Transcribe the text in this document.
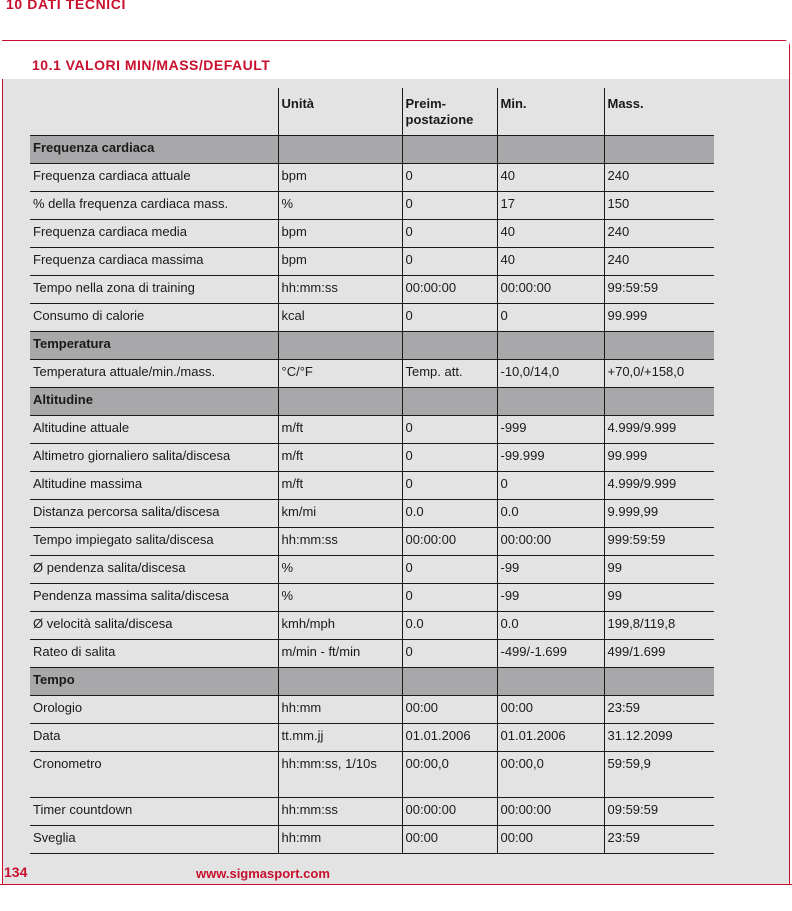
10 DATI TECNICI
10.1 VALORI MIN/MASS/DEFAULT
	Unità	Preim-postazione	Min.	Mass.
Frequenza cardiaca				
Frequenza cardiaca attuale	bpm	0	40	240
% della frequenza cardiaca mass.	%	0	17	150
Frequenza cardiaca media	bpm	0	40	240
Frequenza cardiaca massima	bpm	0	40	240
Tempo nella zona di training	hh:mm:ss	00:00:00	00:00:00	99:59:59
Consumo di calorie	kcal	0	0	99.999
Temperatura				
Temperatura attuale/min./mass.	°C/°F	Temp. att.	-10,0/14,0	+70,0/+158,0
Altitudine				
Altitudine attuale	m/ft	0	-999	4.999/9.999
Altimetro giornaliero salita/discesa	m/ft	0	-99.999	99.999
Altitudine massima	m/ft	0	0	4.999/9.999
Distanza percorsa salita/discesa	km/mi	0.0	0.0	9.999,99
Tempo impiegato salita/discesa	hh:mm:ss	00:00:00	00:00:00	999:59:59
Ø pendenza salita/discesa	%	0	-99	99
Pendenza massima salita/discesa	%	0	-99	99
Ø velocità salita/discesa	kmh/mph	0.0	0.0	199,8/119,8
Rateo di salita	m/min - ft/min	0	-499/-1.699	499/1.699
Tempo				
Orologio	hh:mm	00:00	00:00	23:59
Data	tt.mm.jj	01.01.2006	01.01.2006	31.12.2099
Cronometro	hh:mm:ss, 1/10s	00:00,0	00:00,0	59:59,9
Timer countdown	hh:mm:ss	00:00:00	00:00:00	09:59:59
Sveglia	hh:mm	00:00	00:00	23:59
134	www.sigmasport.com
